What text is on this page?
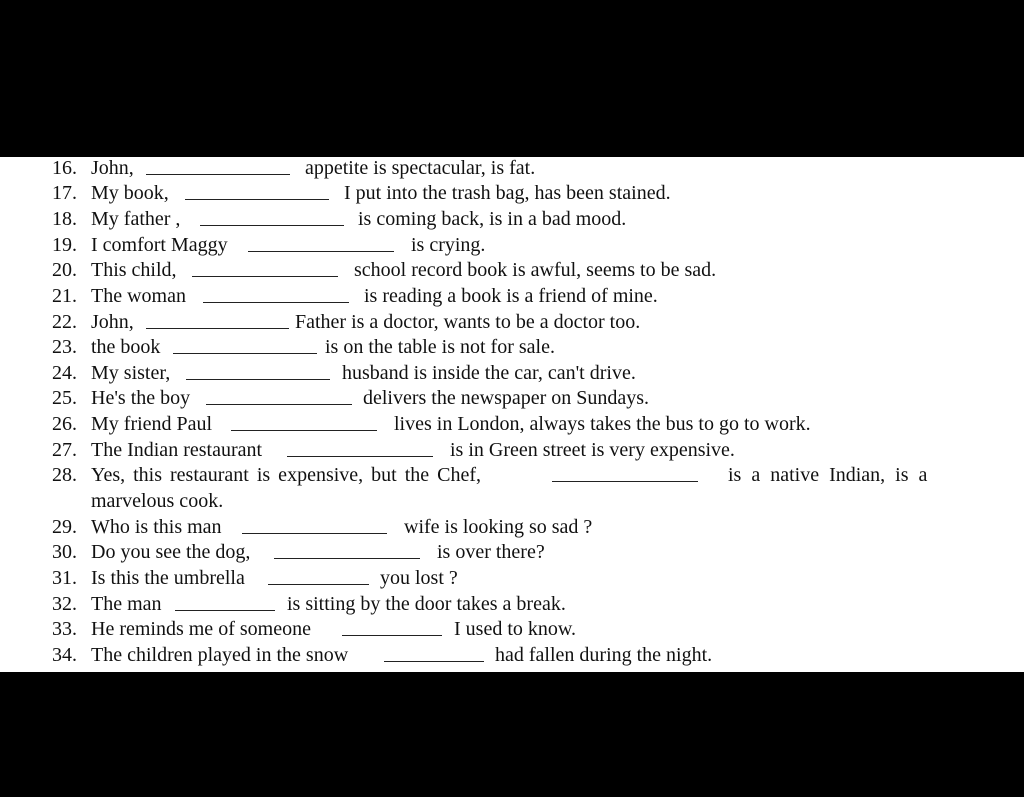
16. John,	appetite is spectacular, is fat.
17. My book,	I put into the trash bag, has been stained.
18. My father ,	is coming back, is in a bad mood.
19. I comfort Maggy	is crying.
20. This child,	school record book is awful, seems to be sad.
21. The woman	is reading a book is a friend of mine.
22. John,	Father is a doctor, wants to be a doctor too.
23. the book	is on the table is not for sale.
24. My sister,	husband is inside the car, can't drive.
25. He's the boy	delivers the newspaper on Sundays.
26. My friend Paul	lives in London, always takes the bus to go to work.
27. The Indian restaurant	is in Green street is very expensive.
28. Yes, this restaurant is expensive, but the Chef,	is a native Indian, is a
marvelous cook.
29. Who is this man	wife is looking so sad ?
30. Do you see the dog,	is over there?
31. Is this the umbrella	you lost ?
32. The man	is sitting by the door takes a break.
33. He reminds me of someone	I used to know.
34. The children played in the snow	had fallen during the night.
